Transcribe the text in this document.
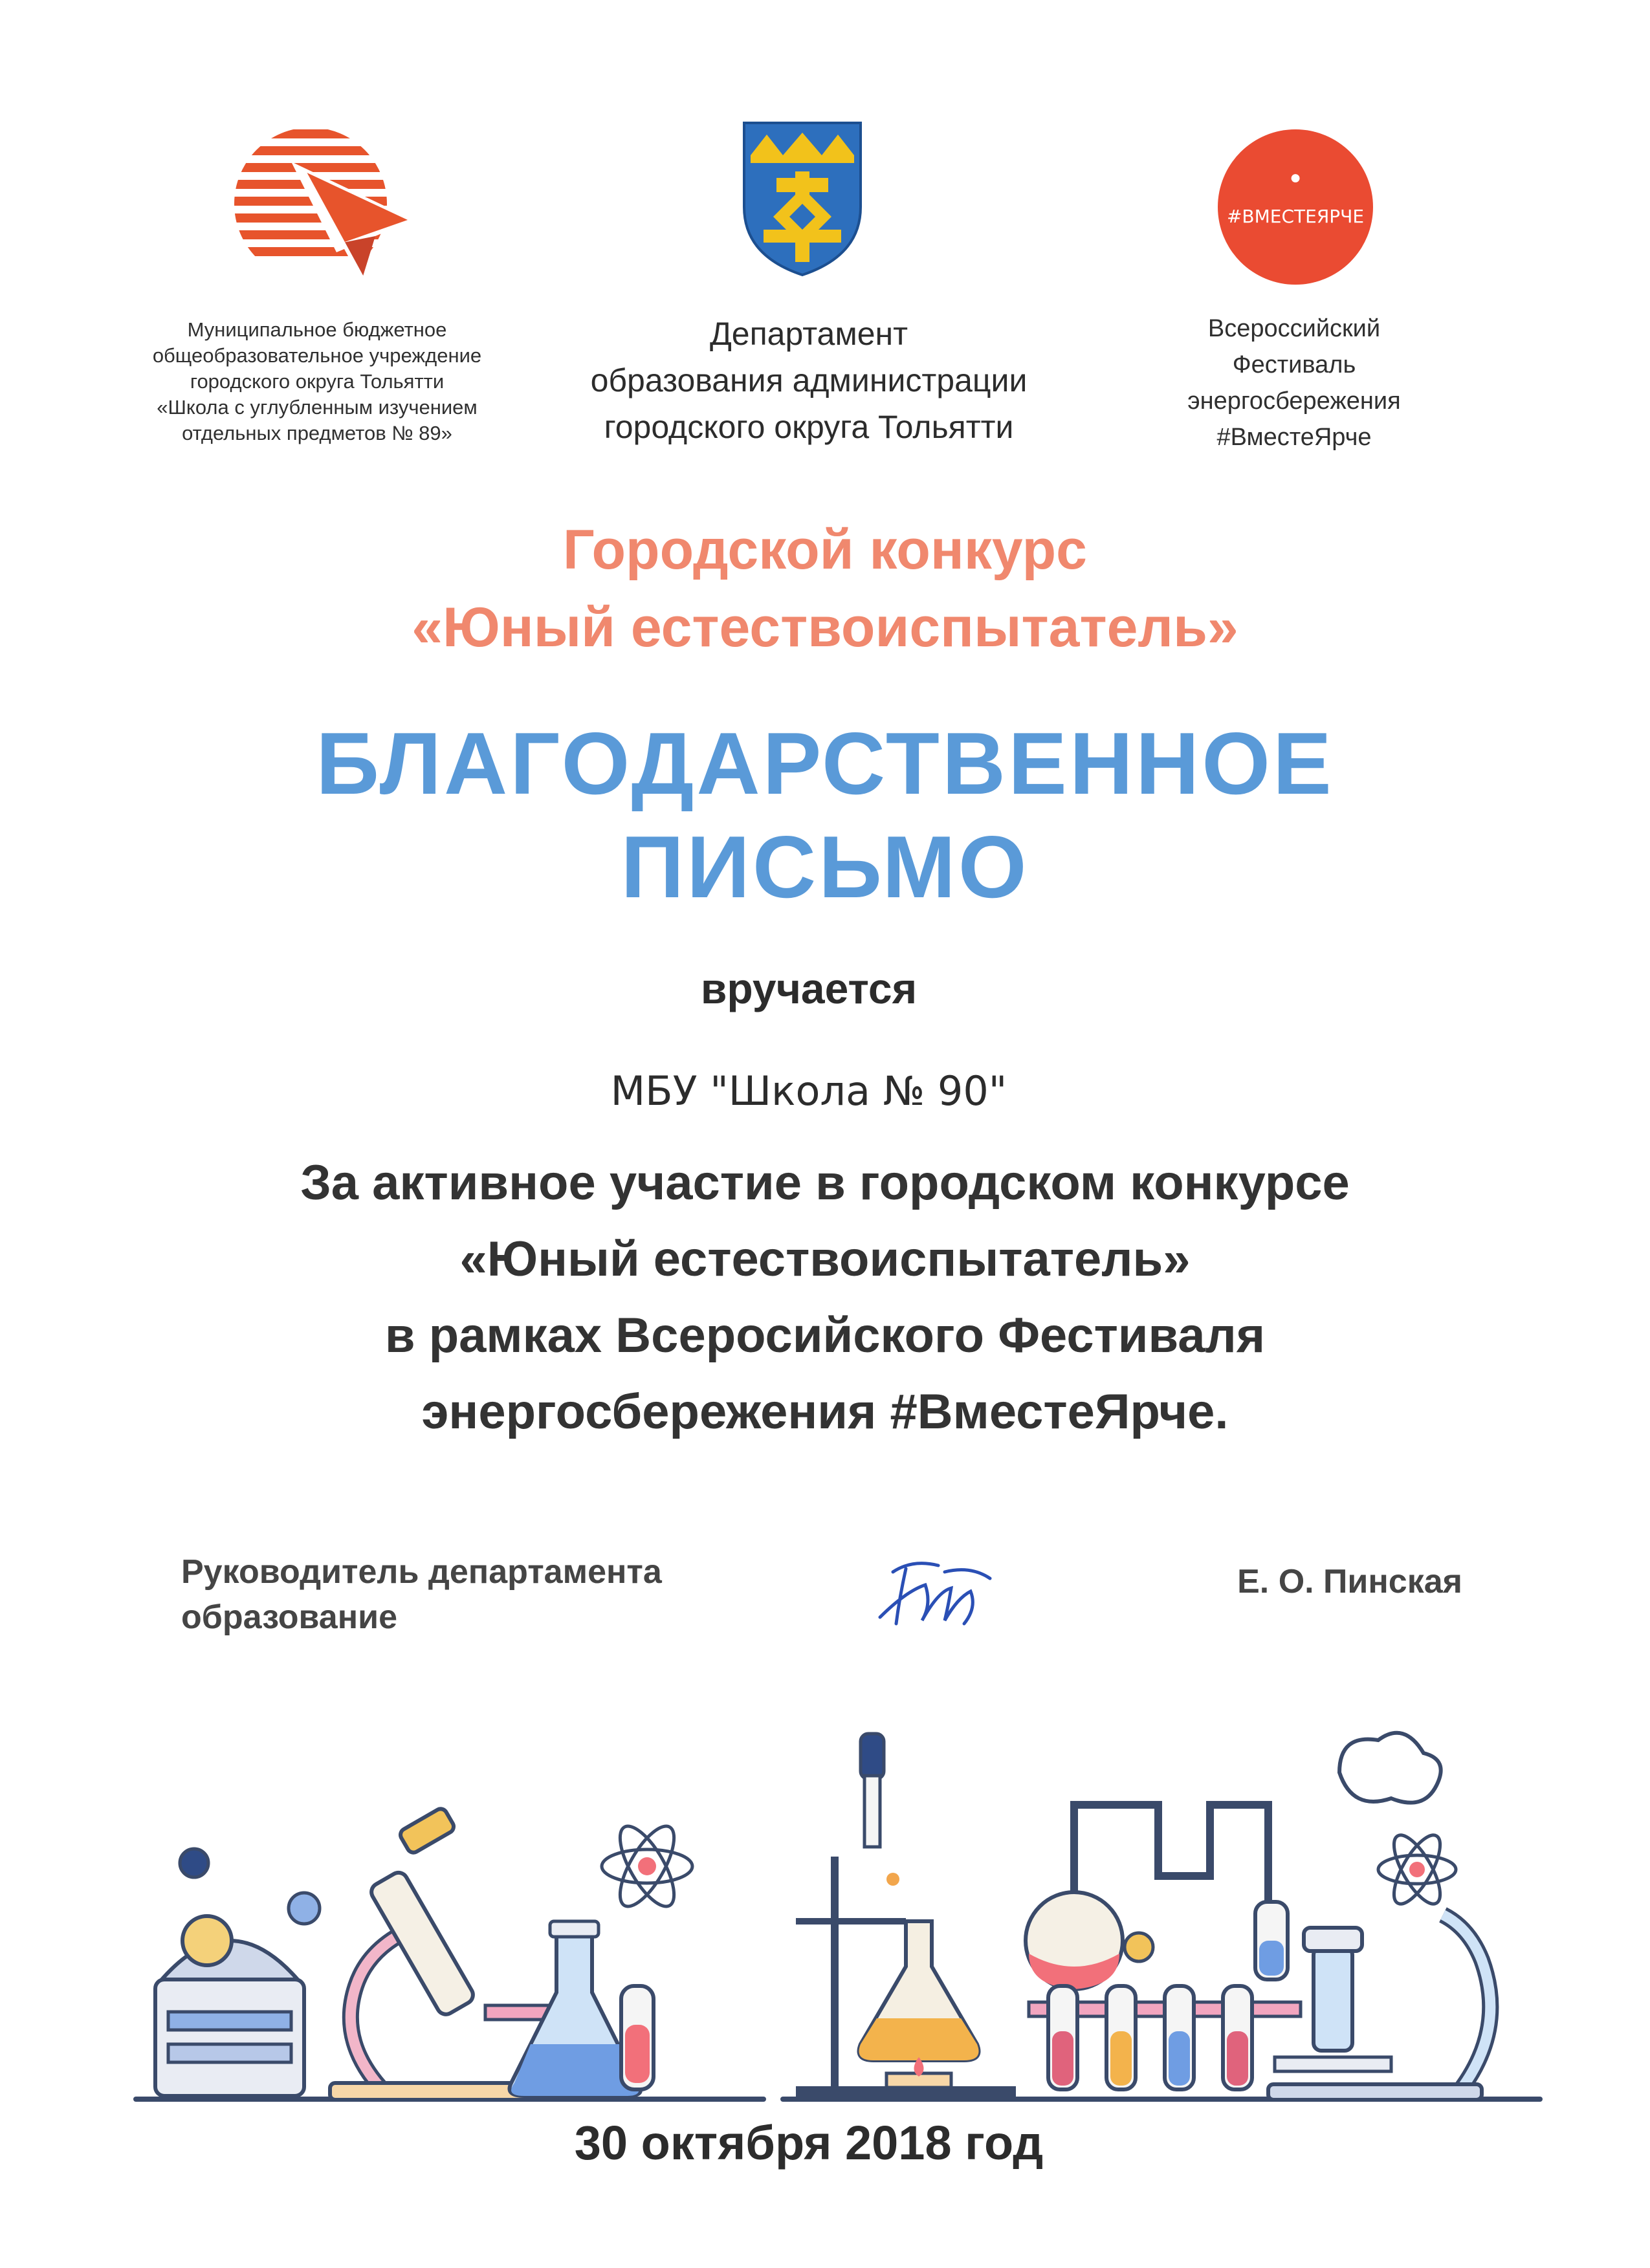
●
#ВМЕСТЕЯРЧЕ
Муниципальное бюджетное
общеобразовательное учреждение
городского округа Тольятти
«Школа с углубленным изучением
отдельных предметов № 89»
Департамент
образования администрации
городского округа Тольятти
Всероссийский
Фестиваль
энергосбережения
#ВместеЯрче
Городской конкурс
«Юный естествоиспытатель»
БЛАГОДАРСТВЕННОЕ
ПИСЬМО
вручается
МБУ "Школа № 90"
За активное участие в городском конкурсе
«Юный естествоиспытатель»
в рамках Всеросийского Фестиваля
энергосбережения #ВместеЯрче.
Руководитель департамента
образование
Е. О. Пинская
30 октября 2018 год
